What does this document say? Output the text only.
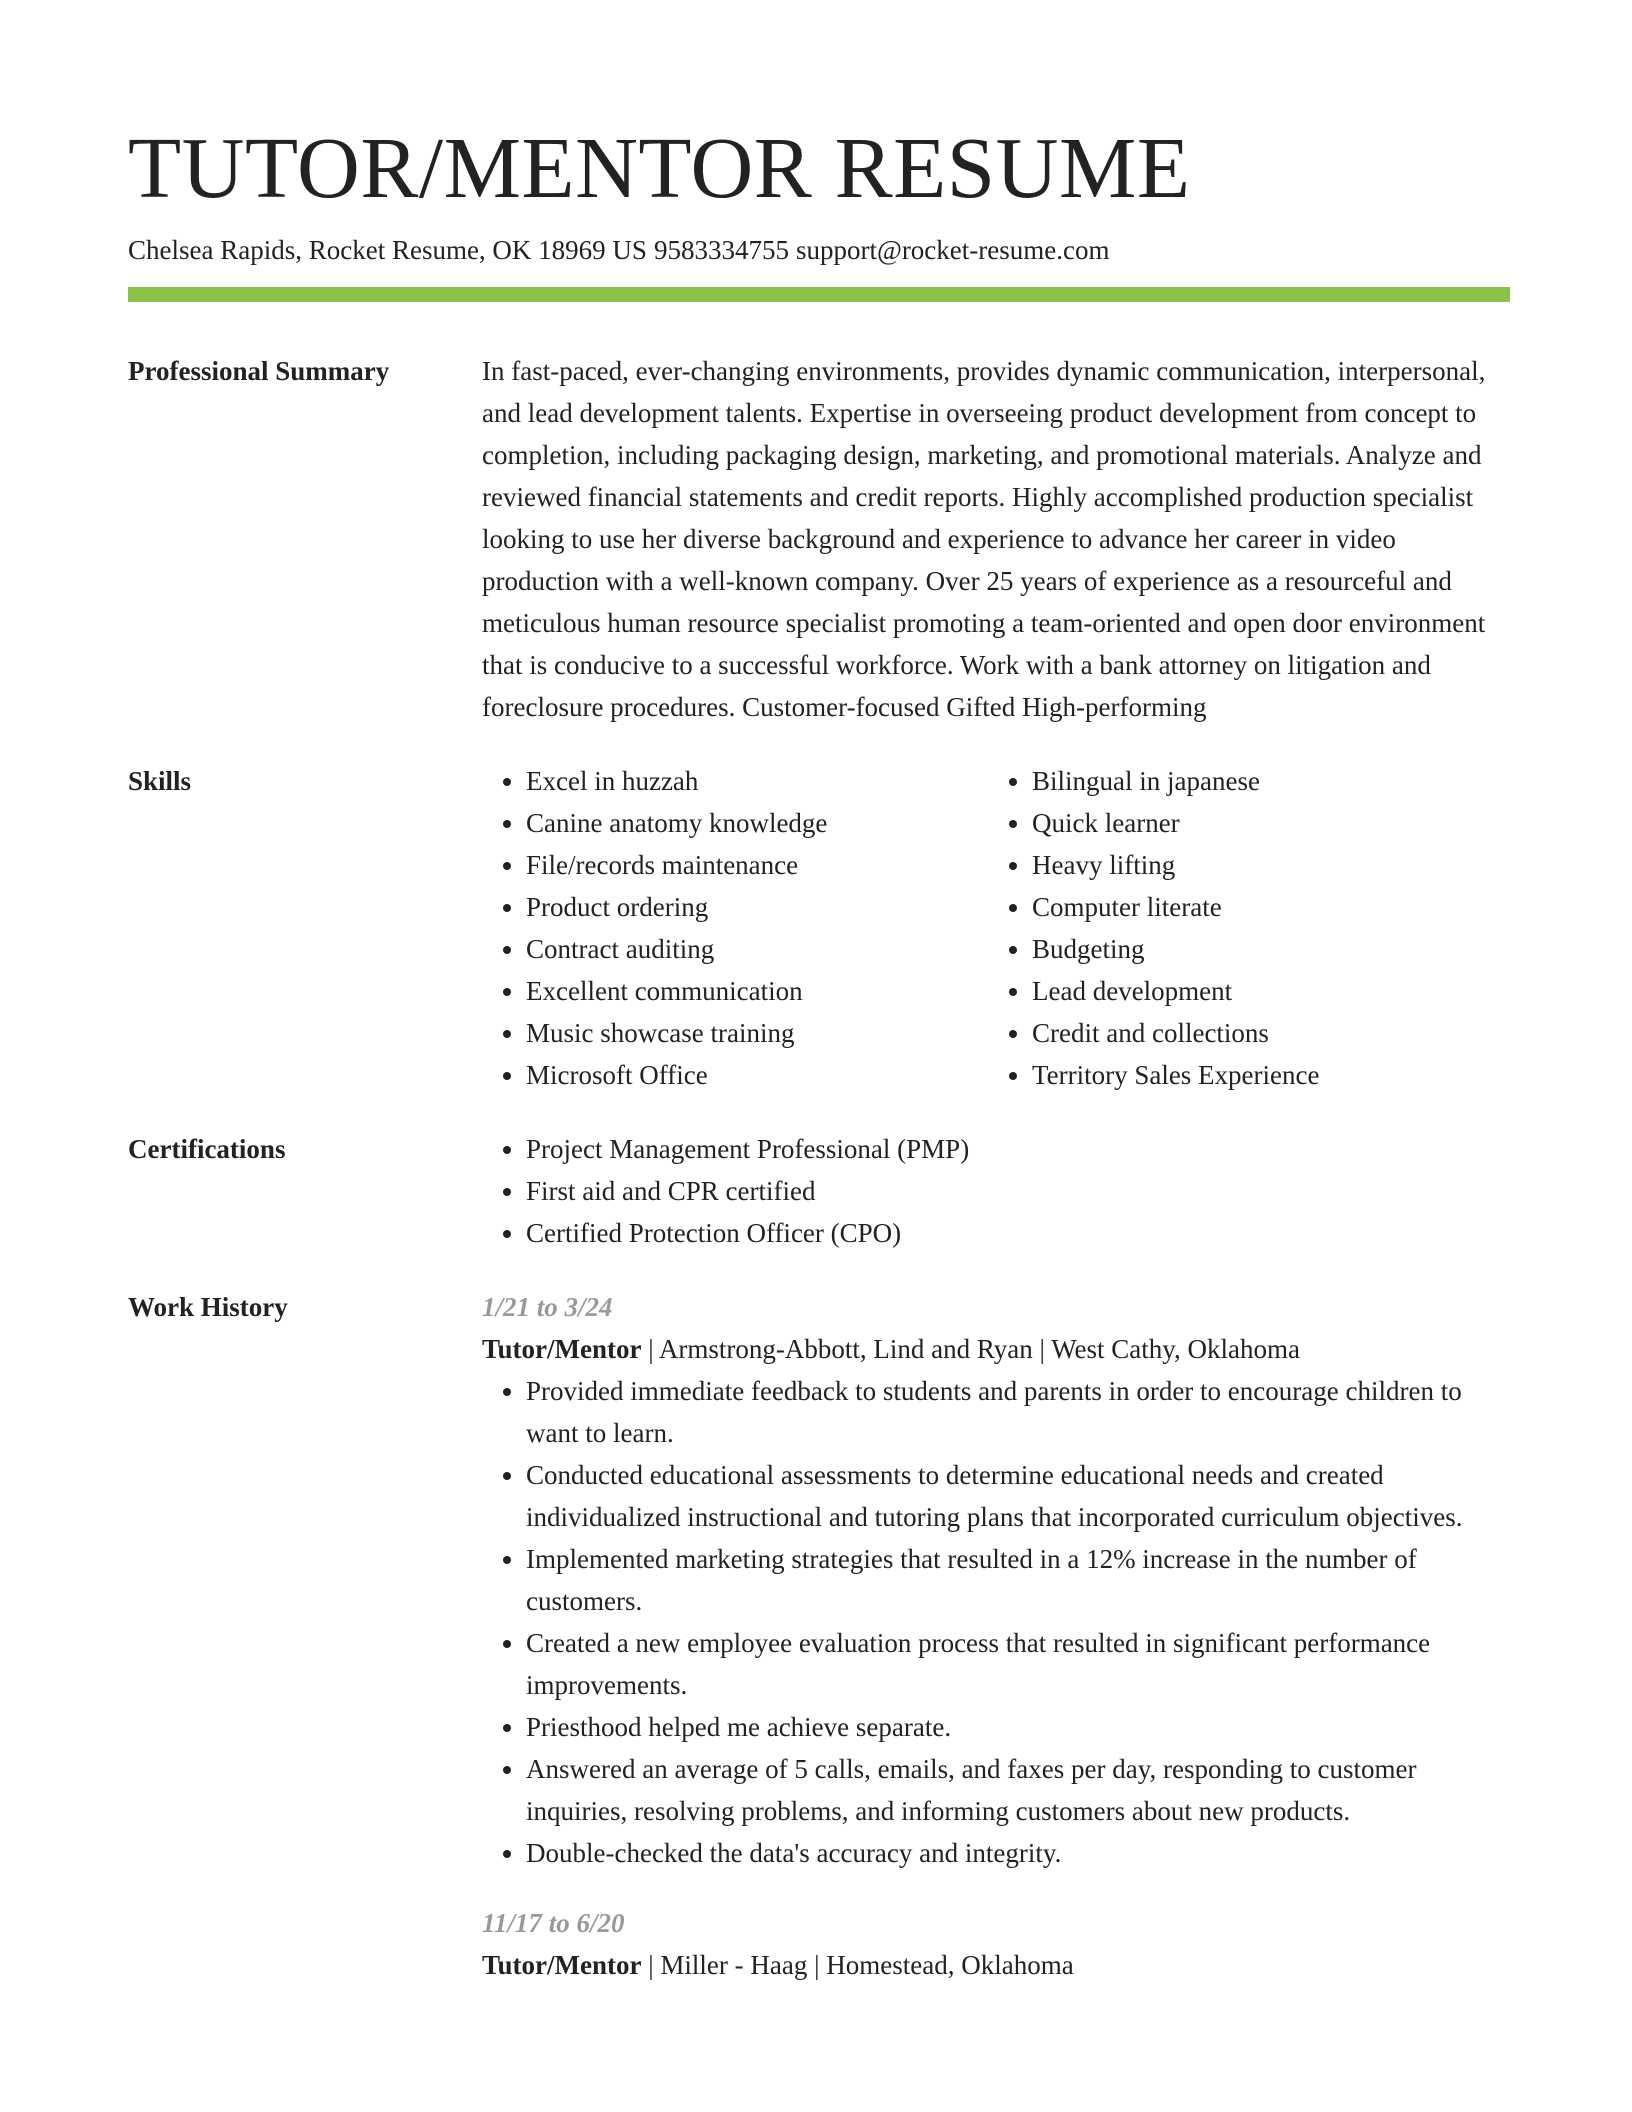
TUTOR/MENTOR RESUME
Chelsea Rapids, Rocket Resume, OK 18969 US 9583334755 support@rocket-resume.com
Professional Summary	In fast-paced, ever-changing environments, provides dynamic communication, interpersonal, and lead development talents. Expertise in overseeing product development from concept to completion, including packaging design, marketing, and promotional materials. Analyze and reviewed financial statements and credit reports. Highly accomplished production specialist looking to use her diverse background and experience to advance her career in video production with a well-known company. Over 25 years of experience as a resourceful and meticulous human resource specialist promoting a team-oriented and open door environment that is conducive to a successful workforce. Work with a bank attorney on litigation and foreclosure procedures. Customer-focused Gifted High-performing

Skills	• Excel in huzzah
• Canine anatomy knowledge
• File/records maintenance
• Product ordering
• Contract auditing
• Excellent communication
• Music showcase training
• Microsoft Office
• Bilingual in japanese
• Quick learner
• Heavy lifting
• Computer literate
• Budgeting
• Lead development
• Credit and collections
• Territory Sales Experience
Certifications	• Project Management Professional (PMP)
• First aid and CPR certified
• Certified Protection Officer (CPO)
Work History	1/21 to 3/24
Tutor/Mentor | Armstrong-Abbott, Lind and Ryan | West Cathy, Oklahoma
• Provided immediate feedback to students and parents in order to encourage children to want to learn.
• Conducted educational assessments to determine educational needs and created individualized instructional and tutoring plans that incorporated curriculum objectives.
• Implemented marketing strategies that resulted in a 12% increase in the number of customers.
• Created a new employee evaluation process that resulted in significant performance improvements.
• Priesthood helped me achieve separate.
• Answered an average of 5 calls, emails, and faxes per day, responding to customer inquiries, resolving problems, and informing customers about new products.
• Double-checked the data's accuracy and integrity.
11/17 to 6/20
Tutor/Mentor | Miller - Haag | Homestead, Oklahoma
